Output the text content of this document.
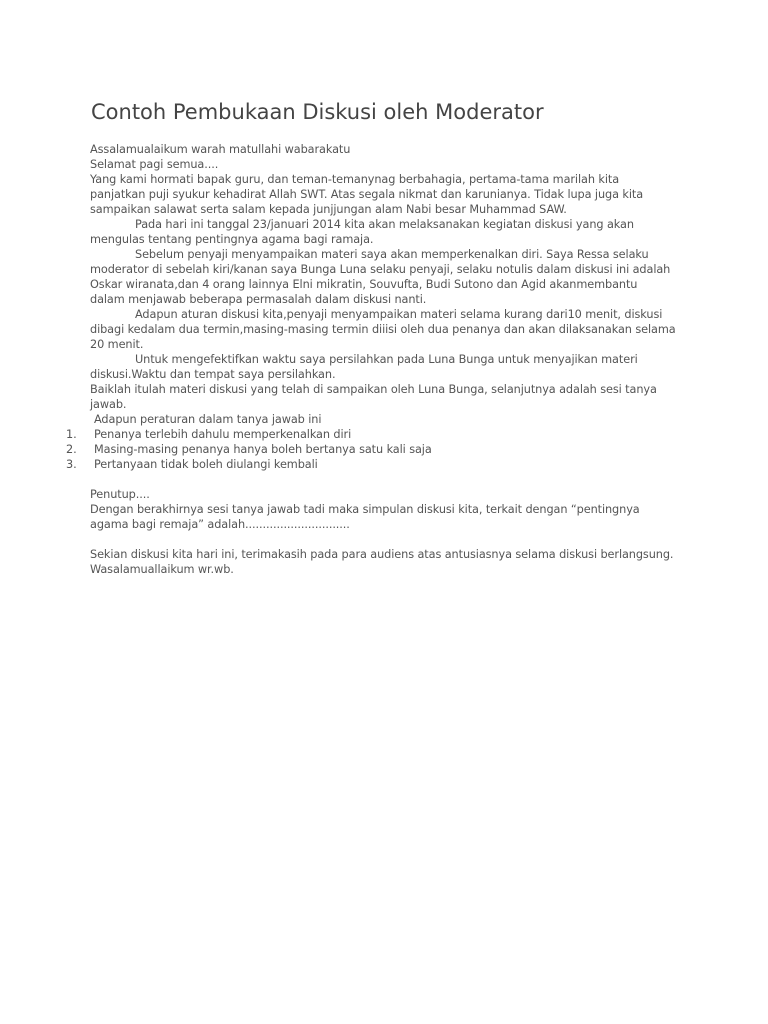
Contoh Pembukaan Diskusi oleh Moderator
Assalamualaikum warah matullahi wabarakatu
Selamat pagi semua....
Yang kami hormati bapak guru, dan teman-temanynag berbahagia, pertama-tama marilah kita
panjatkan puji syukur kehadirat Allah SWT. Atas segala nikmat dan karunianya. Tidak lupa juga kita
sampaikan salawat serta salam kepada junjjungan alam Nabi besar Muhammad SAW.
Pada hari ini tanggal 23/januari 2014 kita akan melaksanakan kegiatan diskusi yang akan
mengulas tentang pentingnya agama bagi ramaja.
Sebelum penyaji menyampaikan materi saya akan memperkenalkan diri. Saya Ressa selaku
moderator di sebelah kiri/kanan saya Bunga Luna selaku penyaji, selaku notulis dalam diskusi ini adalah
Oskar wiranata,dan 4 orang lainnya Elni mikratin, Souvufta, Budi Sutono dan Agid akanmembantu
dalam menjawab beberapa permasalah dalam diskusi nanti.
Adapun aturan diskusi kita,penyaji menyampaikan materi selama kurang dari10 menit, diskusi
dibagi kedalam dua termin,masing-masing termin diiisi oleh dua penanya dan akan dilaksanakan selama
20 menit.
Untuk mengefektifkan waktu saya persilahkan pada Luna Bunga untuk menyajikan materi
diskusi.Waktu dan tempat saya persilahkan.
Baiklah itulah materi diskusi yang telah di sampaikan oleh Luna Bunga, selanjutnya adalah sesi tanya
jawab.
Adapun peraturan dalam tanya jawab ini
1. Penanya terlebih dahulu memperkenalkan diri
2. Masing-masing penanya hanya boleh bertanya satu kali saja
3. Pertanyaan tidak boleh diulangi kembali
Penutup....
Dengan berakhirnya sesi tanya jawab tadi maka simpulan diskusi kita, terkait dengan “pentingnya
agama bagi remaja” adalah..............................
Sekian diskusi kita hari ini, terimakasih pada para audiens atas antusiasnya selama diskusi berlangsung.
Wasalamuallaikum wr.wb.
